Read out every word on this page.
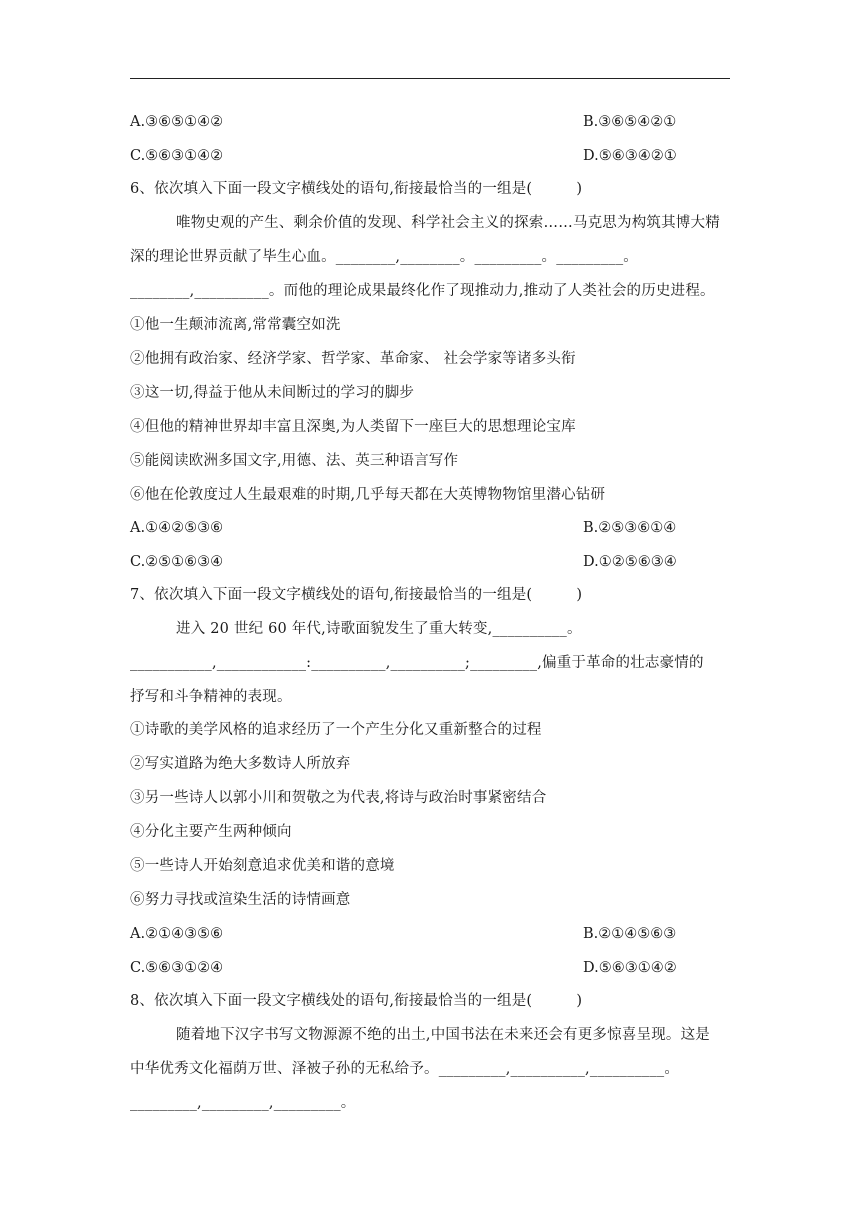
A.③⑥⑤①④②	B.③⑥⑤④②①
C.⑤⑥③①④②	D.⑤⑥③④②①
6、依次填入下面一段文字横线处的语句,衔接最恰当的一组是(　　　)
唯物史观的产生、剩余价值的发现、科学社会主义的探索……马克思为构筑其博大精
深的理论世界贡献了毕生心血。________,________。_________。_________。
________,__________。而他的理论成果最终化作了现推动力,推动了人类社会的历史进程。
①他一生颠沛流离,常常囊空如洗
②他拥有政治家、经济学家、哲学家、革命家、 社会学家等诸多头衔
③这一切,得益于他从未间断过的学习的脚步
④但他的精神世界却丰富且深奥,为人类留下一座巨大的思想理论宝库
⑤能阅读欧洲多国文字,用德、法、英三种语言写作
⑥他在伦敦度过人生最艰难的时期,几乎每天都在大英博物物馆里潜心钻研
A.①④②⑤③⑥	B.②⑤③⑥①④
C.②⑤①⑥③④	D.①②⑤⑥③④
7、依次填入下面一段文字横线处的语句,衔接最恰当的一组是(　　　)
进入 20 世纪 60 年代,诗歌面貌发生了重大转变,__________。
___________,____________:__________,__________;_________,偏重于革命的壮志豪情的
抒写和斗争精神的表现。
①诗歌的美学风格的追求经历了一个产生分化又重新整合的过程
②写实道路为绝大多数诗人所放弃
③另一些诗人以郭小川和贺敬之为代表,将诗与政治时事紧密结合
④分化主要产生两种倾向
⑤一些诗人开始刻意追求优美和谐的意境
⑥努力寻找或渲染生活的诗情画意
A.②①④③⑤⑥	B.②①④⑤⑥③
C.⑤⑥③①②④	D.⑤⑥③①④②
8、依次填入下面一段文字横线处的语句,衔接最恰当的一组是(　　　)
随着地下汉字书写文物源源不绝的出土,中国书法在未来还会有更多惊喜呈现。这是
中华优秀文化福荫万世、泽被子孙的无私给予。_________,__________,__________。
_________,_________,_________。
